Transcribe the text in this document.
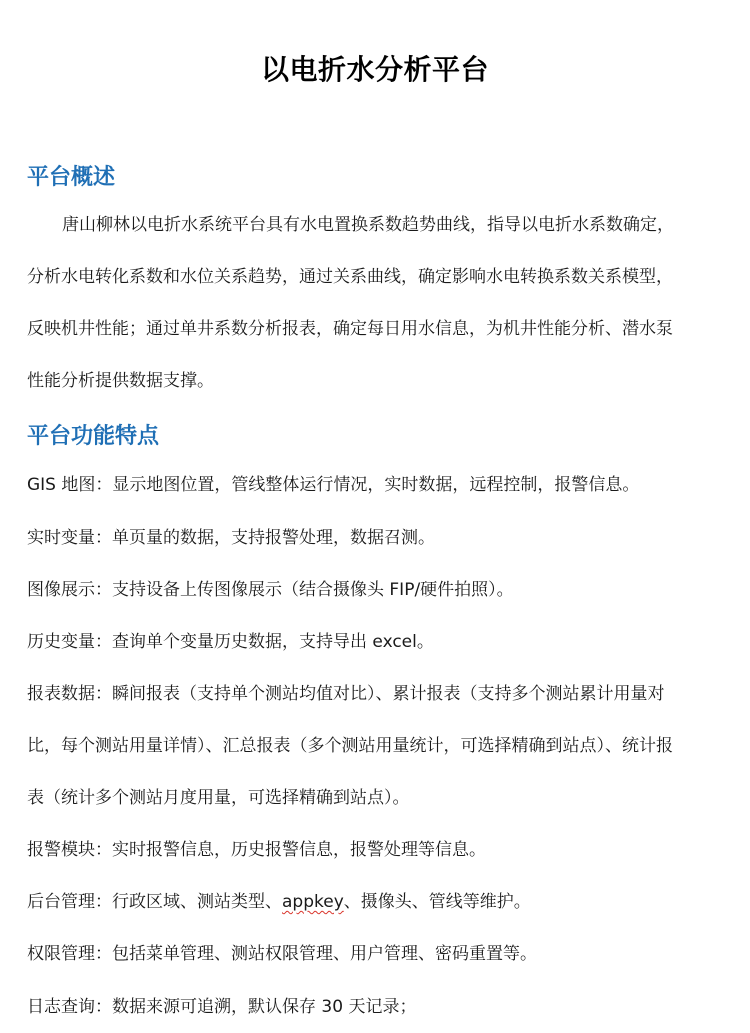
以电折水分析平台
平台概述
唐山柳林以电折水系统平台具有水电置换系数趋势曲线，指导以电折水系数确定，
分析水电转化系数和水位关系趋势，通过关系曲线，确定影响水电转换系数关系模型，
反映机井性能；通过单井系数分析报表，确定每日用水信息，为机井性能分析、潜水泵
性能分析提供数据支撑。
平台功能特点
GIS 地图：显示地图位置，管线整体运行情况，实时数据，远程控制，报警信息。
实时变量：单页量的数据，支持报警处理，数据召测。
图像展示：支持设备上传图像展示（结合摄像头 FIP/硬件拍照）。
历史变量：查询单个变量历史数据，支持导出 excel。
报表数据：瞬间报表（支持单个测站均值对比）、累计报表（支持多个测站累计用量对
比，每个测站用量详情）、汇总报表（多个测站用量统计，可选择精确到站点）、统计报
表（统计多个测站月度用量，可选择精确到站点）。
报警模块：实时报警信息，历史报警信息，报警处理等信息。
后台管理：行政区域、测站类型、appkey、摄像头、管线等维护。
权限管理：包括菜单管理、测站权限管理、用户管理、密码重置等。
日志查询：数据来源可追溯，默认保存 30 天记录；
